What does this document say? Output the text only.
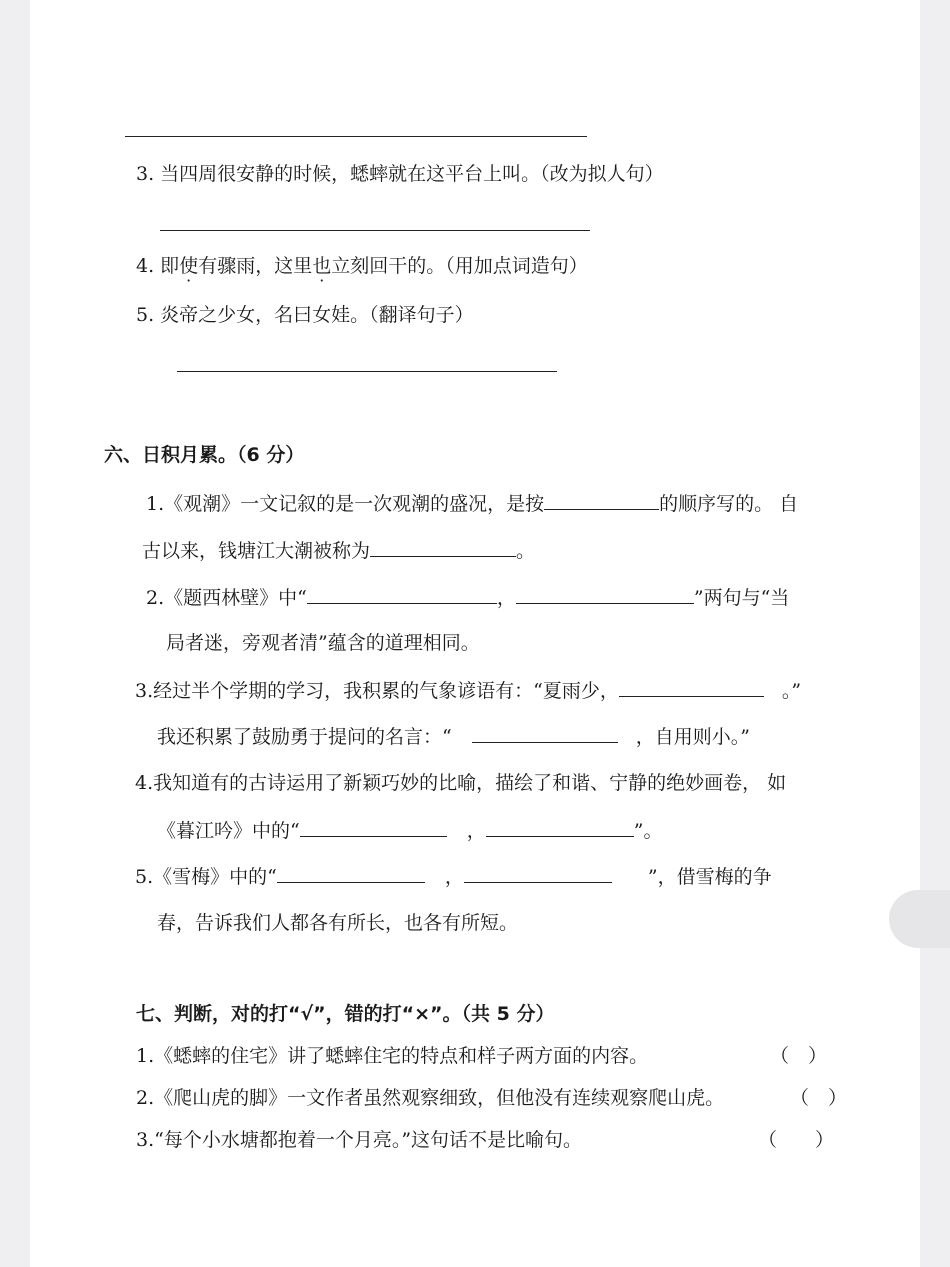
3. 当四周很安静的时候，蟋蟀就在这平台上叫。（改为拟人句）
4. 即使有骤雨，这里也立刻回干的。（用加点词造句）
5. 炎帝之少女，名曰女娃。（翻译句子）
六、日积月累。（6 分）
1.《观潮》一文记叙的是一次观潮的盛况，是按	的顺序写的。 自
古以来，钱塘江大潮被称为	。
2.《题西林壁》中“	，	”两句与“当
局者迷，旁观者清”蕴含的道理相同。
3.经过半个学期的学习，我积累的气象谚语有：“夏雨少，	。”
我还积累了鼓励勇于提问的名言：“	，自用则小。”
4.我知道有的古诗运用了新颖巧妙的比喻，描绘了和谐、宁静的绝妙画卷， 如
《暮江吟》中的“	，	”。
5.《雪梅》中的“	，	”，借雪梅的争
春，告诉我们人都各有所长，也各有所短。
七、判断，对的打“√”，错的打“×”。（共 5 分）
1.《蟋蟀的住宅》讲了蟋蟀住宅的特点和样子两方面的内容。	（　）
2.《爬山虎的脚》一文作者虽然观察细致，但他没有连续观察爬山虎。	（　）
3.“每个小水塘都抱着一个月亮。”这句话不是比喻句。	（　　）
